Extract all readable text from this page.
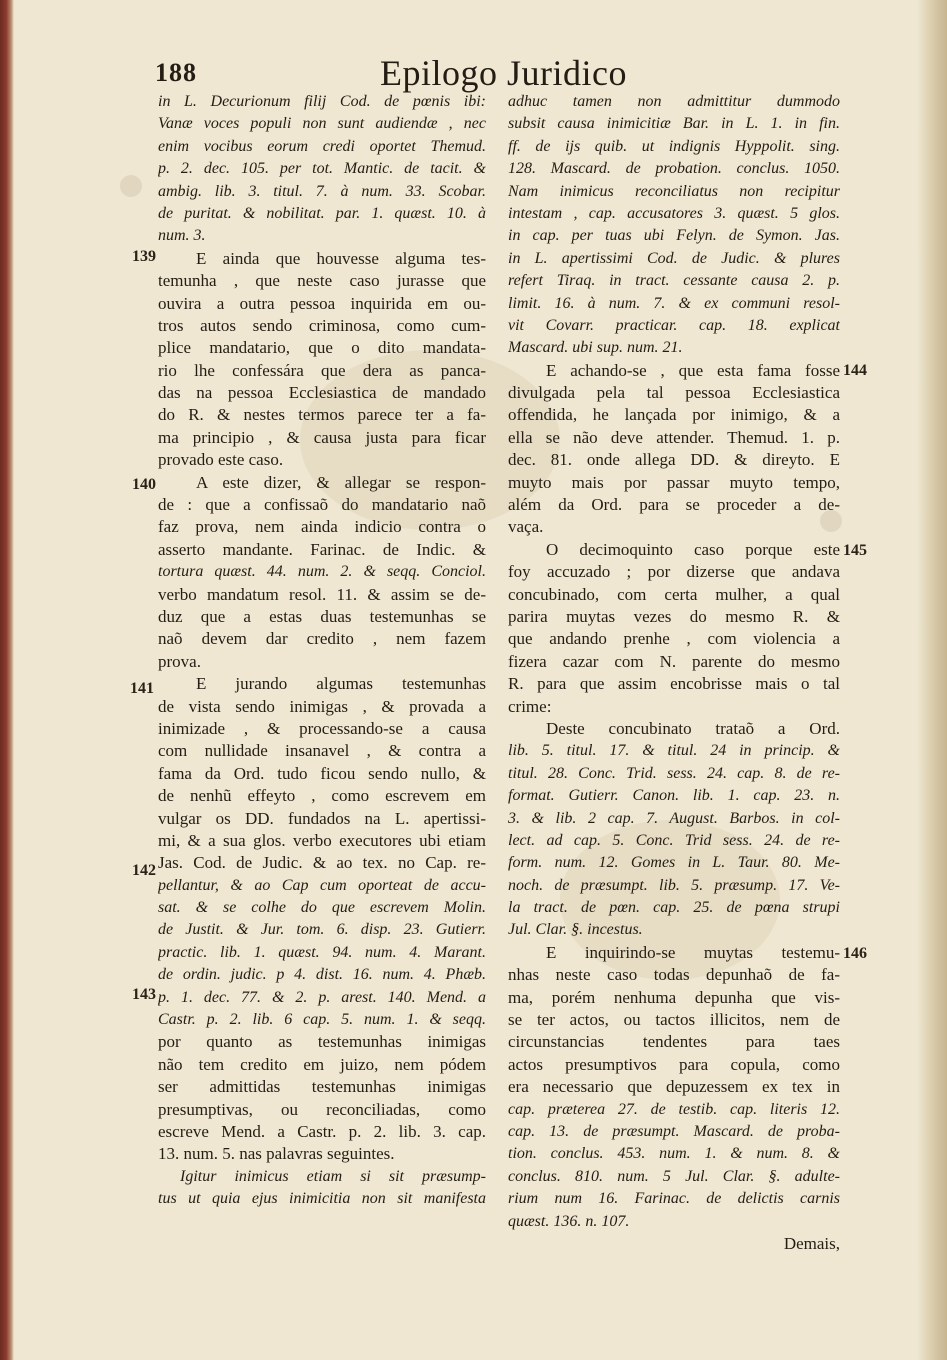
188	Epilogo Juridico
139
140
141
142
143
144
145
146
in L. Decurionum filij Cod. de pœnis ibi:
Vanæ voces populi non sunt audiendæ , nec
enim vocibus eorum credi oportet Themud.
p. 2. dec. 105. per tot. Mantic. de tacit. &
ambig. lib. 3. titul. 7. à num. 33. Scobar.
de puritat. & nobilitat. par. 1. quæst. 10. à
num. 3.
E ainda que houvesse alguma tes-
temunha , que neste caso jurasse que
ouvira a outra pessoa inquirida em ou-
tros autos sendo criminosa, como cum-
plice mandatario, que o dito mandata-
rio lhe confessára que dera as panca-
das na pessoa Ecclesiastica de mandado
do R. & nestes termos parece ter a fa-
ma principio , & causa justa para ficar
provado este caso.
A este dizer, & allegar se respon-
de : que a confissaõ do mandatario naõ
faz prova, nem ainda indicio contra o
asserto mandante. Farinac. de Indic. &
tortura quæst. 44. num. 2. & seqq. Conciol.
verbo mandatum resol. 11. & assim se de-
duz que a estas duas testemunhas se
naõ devem dar credito , nem fazem
prova.
E jurando algumas testemunhas
de vista sendo inimigas , & provada a
inimizade , & processando-se a causa
com nullidade insanavel , & contra a
fama da Ord. tudo ficou sendo nullo, &
de nenhũ effeyto , como escrevem em
vulgar os DD. fundados na L. apertissi-
mi, & a sua glos. verbo executores ubi etiam
Jas. Cod. de Judic. & ao tex. no Cap. re-
pellantur, & ao Cap cum oporteat de accu-
sat. & se colhe do que escrevem Molin.
de Justit. & Jur. tom. 6. disp. 23. Gutierr.
practic. lib. 1. quæst. 94. num. 4. Marant.
de ordin. judic. p 4. dist. 16. num. 4. Phæb.
p. 1. dec. 77. & 2. p. arest. 140. Mend. a
Castr. p. 2. lib. 6 cap. 5. num. 1. & seqq.
por quanto as testemunhas inimigas
não tem credito em juizo, nem pódem
ser admittidas testemunhas inimigas
presumptivas, ou reconciliadas, como
escreve Mend. a Castr. p. 2. lib. 3. cap.
13. num. 5. nas palavras seguintes.
Igitur inimicus etiam si sit præsump-
tus ut quia ejus inimicitia non sit manifesta
adhuc tamen non admittitur dummodo
subsit causa inimicitiæ Bar. in L. 1. in fin.
ff. de ijs quib. ut indignis Hyppolit. sing.
128. Mascard. de probation. conclus. 1050.
Nam inimicus reconciliatus non recipitur
intestam , cap. accusatores 3. quæst. 5 glos.
in cap. per tuas ubi Felyn. de Symon. Jas.
in L. apertissimi Cod. de Judic. & plures
refert Tiraq. in tract. cessante causa 2. p.
limit. 16. à num. 7. & ex communi resol-
vit Covarr. practicar. cap. 18. explicat
Mascard. ubi sup. num. 21.
E achando-se , que esta fama fosse
divulgada pela tal pessoa Ecclesiastica
offendida, he lançada por inimigo, & a
ella se não deve attender. Themud. 1. p.
dec. 81. onde allega DD. & direyto. E
muyto mais por passar muyto tempo,
além da Ord. para se proceder a de-
vaça.
O decimoquinto caso porque este
foy accuzado ; por dizerse que andava
concubinado, com certa mulher, a qual
parira muytas vezes do mesmo R. &
que andando prenhe , com violencia a
fizera cazar com N. parente do mesmo
R. para que assim encobrisse mais o tal
crime:
Deste concubinato trataõ a Ord.
lib. 5. titul. 17. & titul. 24 in princip. &
titul. 28. Conc. Trid. sess. 24. cap. 8. de re-
format. Gutierr. Canon. lib. 1. cap. 23. n.
3. & lib. 2 cap. 7. August. Barbos. in col-
lect. ad cap. 5. Conc. Trid sess. 24. de re-
form. num. 12. Gomes in L. Taur. 80. Me-
noch. de præsumpt. lib. 5. præsump. 17. Ve-
la tract. de pœn. cap. 25. de pœna strupi
Jul. Clar. §. incestus.
E inquirindo-se muytas testemu-
nhas neste caso todas depunhaõ de fa-
ma, porém nenhuma depunha que vis-
se ter actos, ou tactos illicitos, nem de
circunstancias tendentes para taes
actos presumptivos para copula, como
era necessario que depuzessem ex tex in
cap. præterea 27. de testib. cap. literis 12.
cap. 13. de præsumpt. Mascard. de proba-
tion. conclus. 453. num. 1. & num. 8. &
conclus. 810. num. 5 Jul. Clar. §. adulte-
rium num 16. Farinac. de delictis carnis
quæst. 136. n. 107.
Demais,
